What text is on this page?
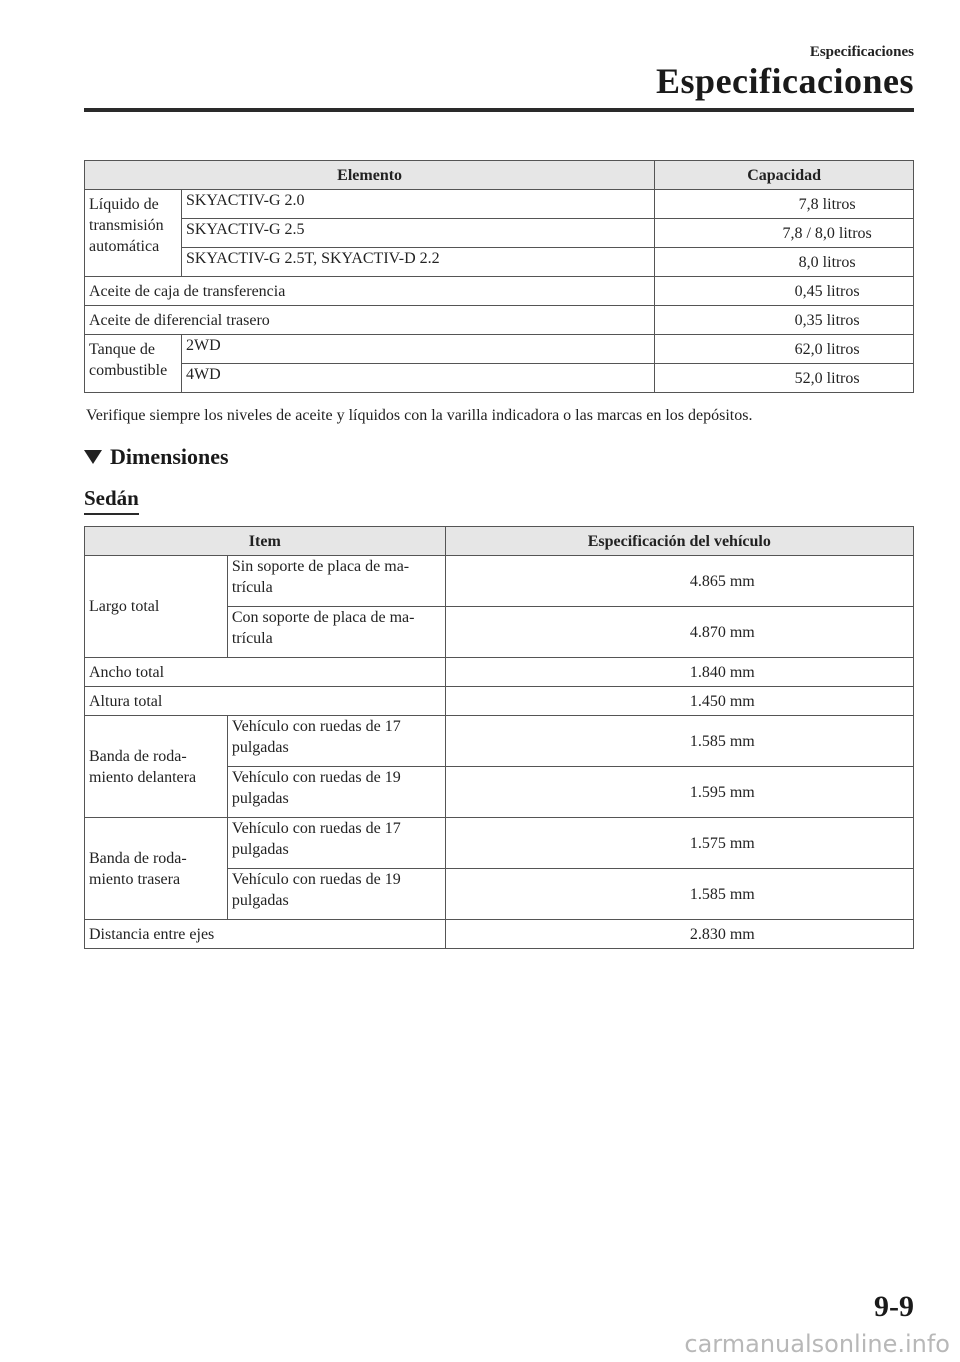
Especificaciones
Especificaciones
Elemento		Capacidad
Líquido de transmisión automática	SKYACTIV-G 2.0	7,8 litros
	SKYACTIV-G 2.5	7,8 / 8,0 litros
	SKYACTIV-G 2.5T, SKYACTIV-D 2.2	8,0 litros
Aceite de caja de transferencia		0,45 litros
Aceite de diferencial trasero		0,35 litros
Tanque de combustible	2WD	62,0 litros
	4WD	52,0 litros
Verifique siempre los niveles de aceite y líquidos con la varilla indicadora o las marcas en los depósitos.
Dimensiones
Sedán
Item		Especificación del vehículo
Largo total	Sin soporte de placa de ma- trícula	4.865 mm
	Con soporte de placa de ma- trícula	4.870 mm
Ancho total		1.840 mm
Altura total		1.450 mm
Banda de roda- miento delantera	Vehículo con ruedas de 17 pulgadas	1.585 mm
	Vehículo con ruedas de 19 pulgadas	1.595 mm
Banda de roda- miento trasera	Vehículo con ruedas de 17 pulgadas	1.575 mm
	Vehículo con ruedas de 19 pulgadas	1.585 mm
Distancia entre ejes		2.830 mm
9-9
carmanualsonline.info
